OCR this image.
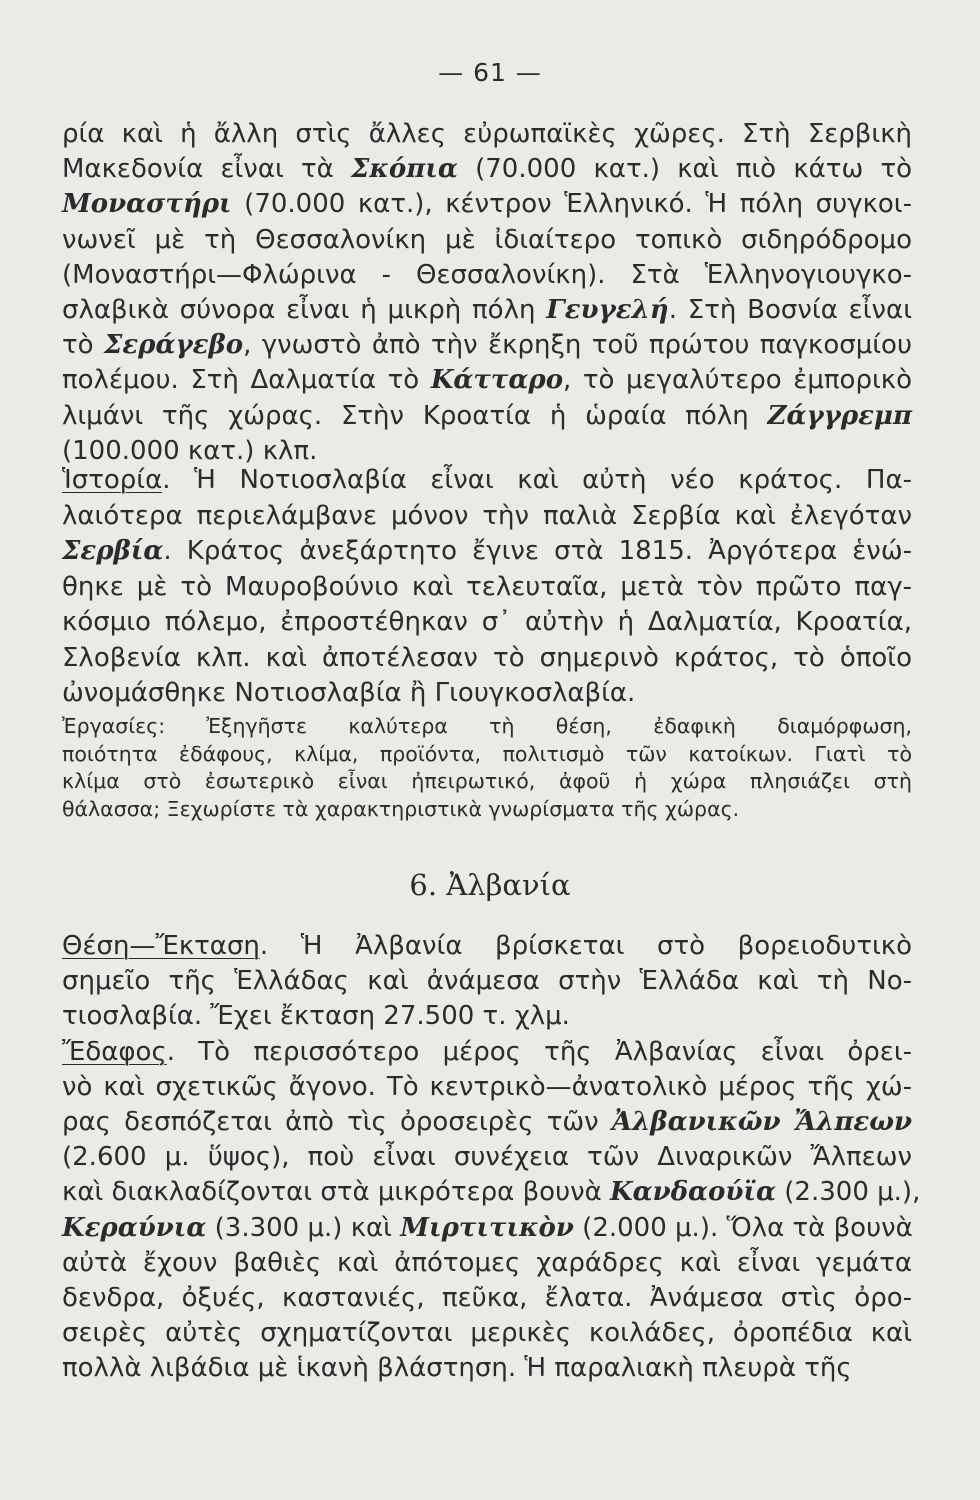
— 61 —
ρία καὶ ἡ ἄλλη στὶς ἄλλες εὐρωπαϊκὲς χῶρες. Στὴ Σερβικὴ
Μακεδονία εἶναι τὰ Σκόπια (70.000 κατ.) καὶ πιὸ κάτω τὸ
Μοναστήρι (70.000 κατ.), κέντρον Ἑλληνικό. Ἡ πόλη συγκοι-
νωνεῖ μὲ τὴ Θεσσαλονίκη μὲ ἰδιαίτερο τοπικὸ σιδηρόδρομο
(Μοναστήρι—Φλώρινα - Θεσσαλονίκη). Στὰ Ἑλληνογιουγκο-
σλαβικὰ σύνορα εἶναι ἡ μικρὴ πόλη Γευγελή. Στὴ Βοσνία εἶναι
τὸ Σεράγεβο, γνωστὸ ἀπὸ τὴν ἔκρηξη τοῦ πρώτου παγκοσμίου
πολέμου. Στὴ Δαλματία τὸ Κάτταρο, τὸ μεγαλύτερο ἐμπορικὸ
λιμάνι τῆς χώρας. Στὴν Κροατία ἡ ὡραία πόλη Ζάγγρεμπ
(100.000 κατ.) κλπ.
Ἱστορία. Ἡ Νοτιοσλαβία εἶναι καὶ αὐτὴ νέο κράτος. Πα-
λαιότερα περιελάμβανε μόνον τὴν παλιὰ Σερβία καὶ ἐλεγόταν
Σερβία. Κράτος ἀνεξάρτητο ἔγινε στὰ 1815. Ἀργότερα ἑνώ-
θηκε μὲ τὸ Μαυροβούνιο καὶ τελευταῖα, μετὰ τὸν πρῶτο παγ-
κόσμιο πόλεμο, ἐπροστέθηκαν σ᾽ αὐτὴν ἡ Δαλματία, Κροατία,
Σλοβενία κλπ. καὶ ἀποτέλεσαν τὸ σημερινὸ κράτος, τὸ ὁποῖο
ὠνομάσθηκε Νοτιοσλαβία ἢ Γιουγκοσλαβία.
Ἐργασίες: Ἐξηγῆστε καλύτερα τὴ θέση, ἐδαφικὴ διαμόρφωση,
ποιότητα ἐδάφους, κλίμα, προϊόντα, πολιτισμὸ τῶν κατοίκων. Γιατὶ τὸ
κλίμα στὸ ἐσωτερικὸ εἶναι ἠπειρωτικό, ἀφοῦ ἡ χώρα πλησιάζει στὴ
θάλασσα; Ξεχωρίστε τὰ χαρακτηριστικὰ γνωρίσματα τῆς χώρας.
6. Ἀλβανία
Θέση—Ἔκταση. Ἡ Ἀλβανία βρίσκεται στὸ βορειοδυτικὸ
σημεῖο τῆς Ἑλλάδας καὶ ἀνάμεσα στὴν Ἑλλάδα καὶ τὴ Νο-
τιοσλαβία. Ἔχει ἔκταση 27.500 τ. χλμ.
Ἔδαφος. Τὸ περισσότερο μέρος τῆς Ἀλβανίας εἶναι ὀρει-
νὸ καὶ σχετικῶς ἄγονο. Τὸ κεντρικὸ—ἀνατολικὸ μέρος τῆς χώ-
ρας δεσπόζεται ἀπὸ τὶς ὀροσειρὲς τῶν Ἀλβανικῶν Ἄλπεων
(2.600 μ. ὕψος), ποὺ εἶναι συνέχεια τῶν Διναρικῶν Ἄλπεων
καὶ διακλαδίζονται στὰ μικρότερα βουνὰ Κανδαούϊα (2.300 μ.),
Κεραύνια (3.300 μ.) καὶ Μιρτιτικὸν (2.000 μ.). Ὅλα τὰ βουνὰ
αὐτὰ ἔχουν βαθιὲς καὶ ἀπότομες χαράδρες καὶ εἶναι γεμάτα
δενδρα, ὀξυές, καστανιές, πεῦκα, ἔλατα. Ἀνάμεσα στὶς ὀρο-
σειρὲς αὐτὲς σχηματίζονται μερικὲς κοιλάδες, ὀροπέδια καὶ
πολλὰ λιβάδια μὲ ἱκανὴ βλάστηση. Ἡ παραλιακὴ πλευρὰ τῆς
